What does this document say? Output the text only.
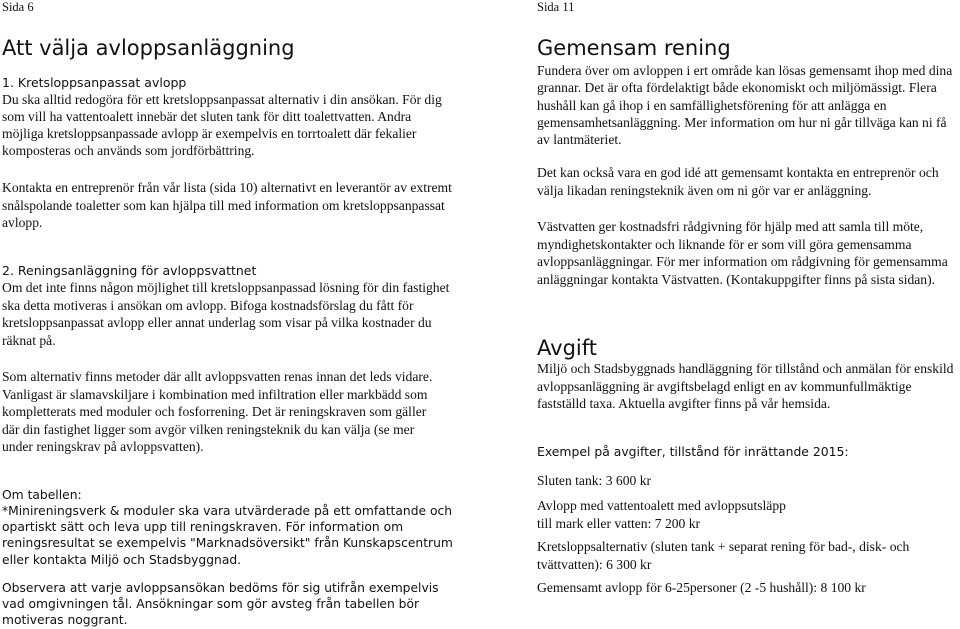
Sida 6
Att välja avloppsanläggning
1. Kretsloppsanpassat avlopp

Du ska alltid redogöra för ett kretsloppsanpassat alternativ i din ansökan. För dig som vill ha vattentoalett innebär det sluten tank för ditt toalettvatten. Andra möjliga kretsloppsanpassade avlopp är exempelvis en torrtoalett där fekalier komposteras och används som jordförbättring.

Kontakta en entreprenör från vår lista (sida 10) alternativt en leverantör av extremt snålspolande toaletter som kan hjälpa till med information om kretsloppsanpassat avlopp.

2. Reningsanläggning för avloppsvattnet

Om det inte finns någon möjlighet till kretsloppsanpassad lösning för din fastighet ska detta motiveras i ansökan om avlopp. Bifoga kostnadsförslag du fått för kretsloppsanpassat avlopp eller annat underlag som visar på vilka kostnader du räknat på.

Som alternativ finns metoder där allt avloppsvatten renas innan det leds vidare. Vanligast är slamavskiljare i kombination med infiltration eller markbädd som kompletterats med moduler och fosforrening. Det är reningskraven som gäller där din fastighet ligger som avgör vilken reningsteknik du kan välja (se mer under reningskrav på avloppsvatten).

Om tabellen:

*Minireningsverk & moduler ska vara utvärderade på ett omfattande och opartiskt sätt och leva upp till reningskraven. För information om reningsresultat se exempelvis "Marknadsöversikt" från Kunskapscentrum eller kontakta Miljö och Stadsbyggnad.

Observera att varje avloppsansökan bedöms för sig utifrån exempelvis vad omgivningen tål. Ansökningar som gör avsteg från tabellen bör motiveras noggrant.

Sida 11
Gemensam rening

Fundera över om avloppen i ert område kan lösas gemensamt ihop med dina grannar. Det är ofta fördelaktigt både ekonomiskt och miljömässigt. Flera hushåll kan gå ihop i en samfällighetsförening för att anlägga en gemensamhetsanläggning. Mer information om hur ni går tillväga kan ni få av lantmäteriet.

Det kan också vara en god idé att gemensamt kontakta en entreprenör och välja likadan reningsteknik även om ni gör var er anläggning.

Västvatten ger kostnadsfri rådgivning för hjälp med att samla till möte, myndighetskontakter och liknande för er som vill göra gemensamma avloppsanläggningar. För mer information om rådgivning för gemensamma anläggningar kontakta Västvatten. (Kontakuppgifter finns på sista sidan).

Avgift

Miljö och Stadsbyggnads handläggning för tillstånd och anmälan för enskild avloppsanläggning är avgiftsbelagd enligt en av kommunfullmäktige fastställd taxa. Aktuella avgifter finns på vår hemsida.

Exempel på avgifter, tillstånd för inrättande 2015:

Sluten tank: 3 600 kr

Avlopp med vattentoalett med avloppsutsläpp till mark eller vatten: 7 200 kr

Kretsloppsalternativ (sluten tank + separat rening för bad-, disk- och tvättvatten): 6 300 kr

Gemensamt avlopp för 6-25personer (2 -5 hushåll): 8 100 kr
